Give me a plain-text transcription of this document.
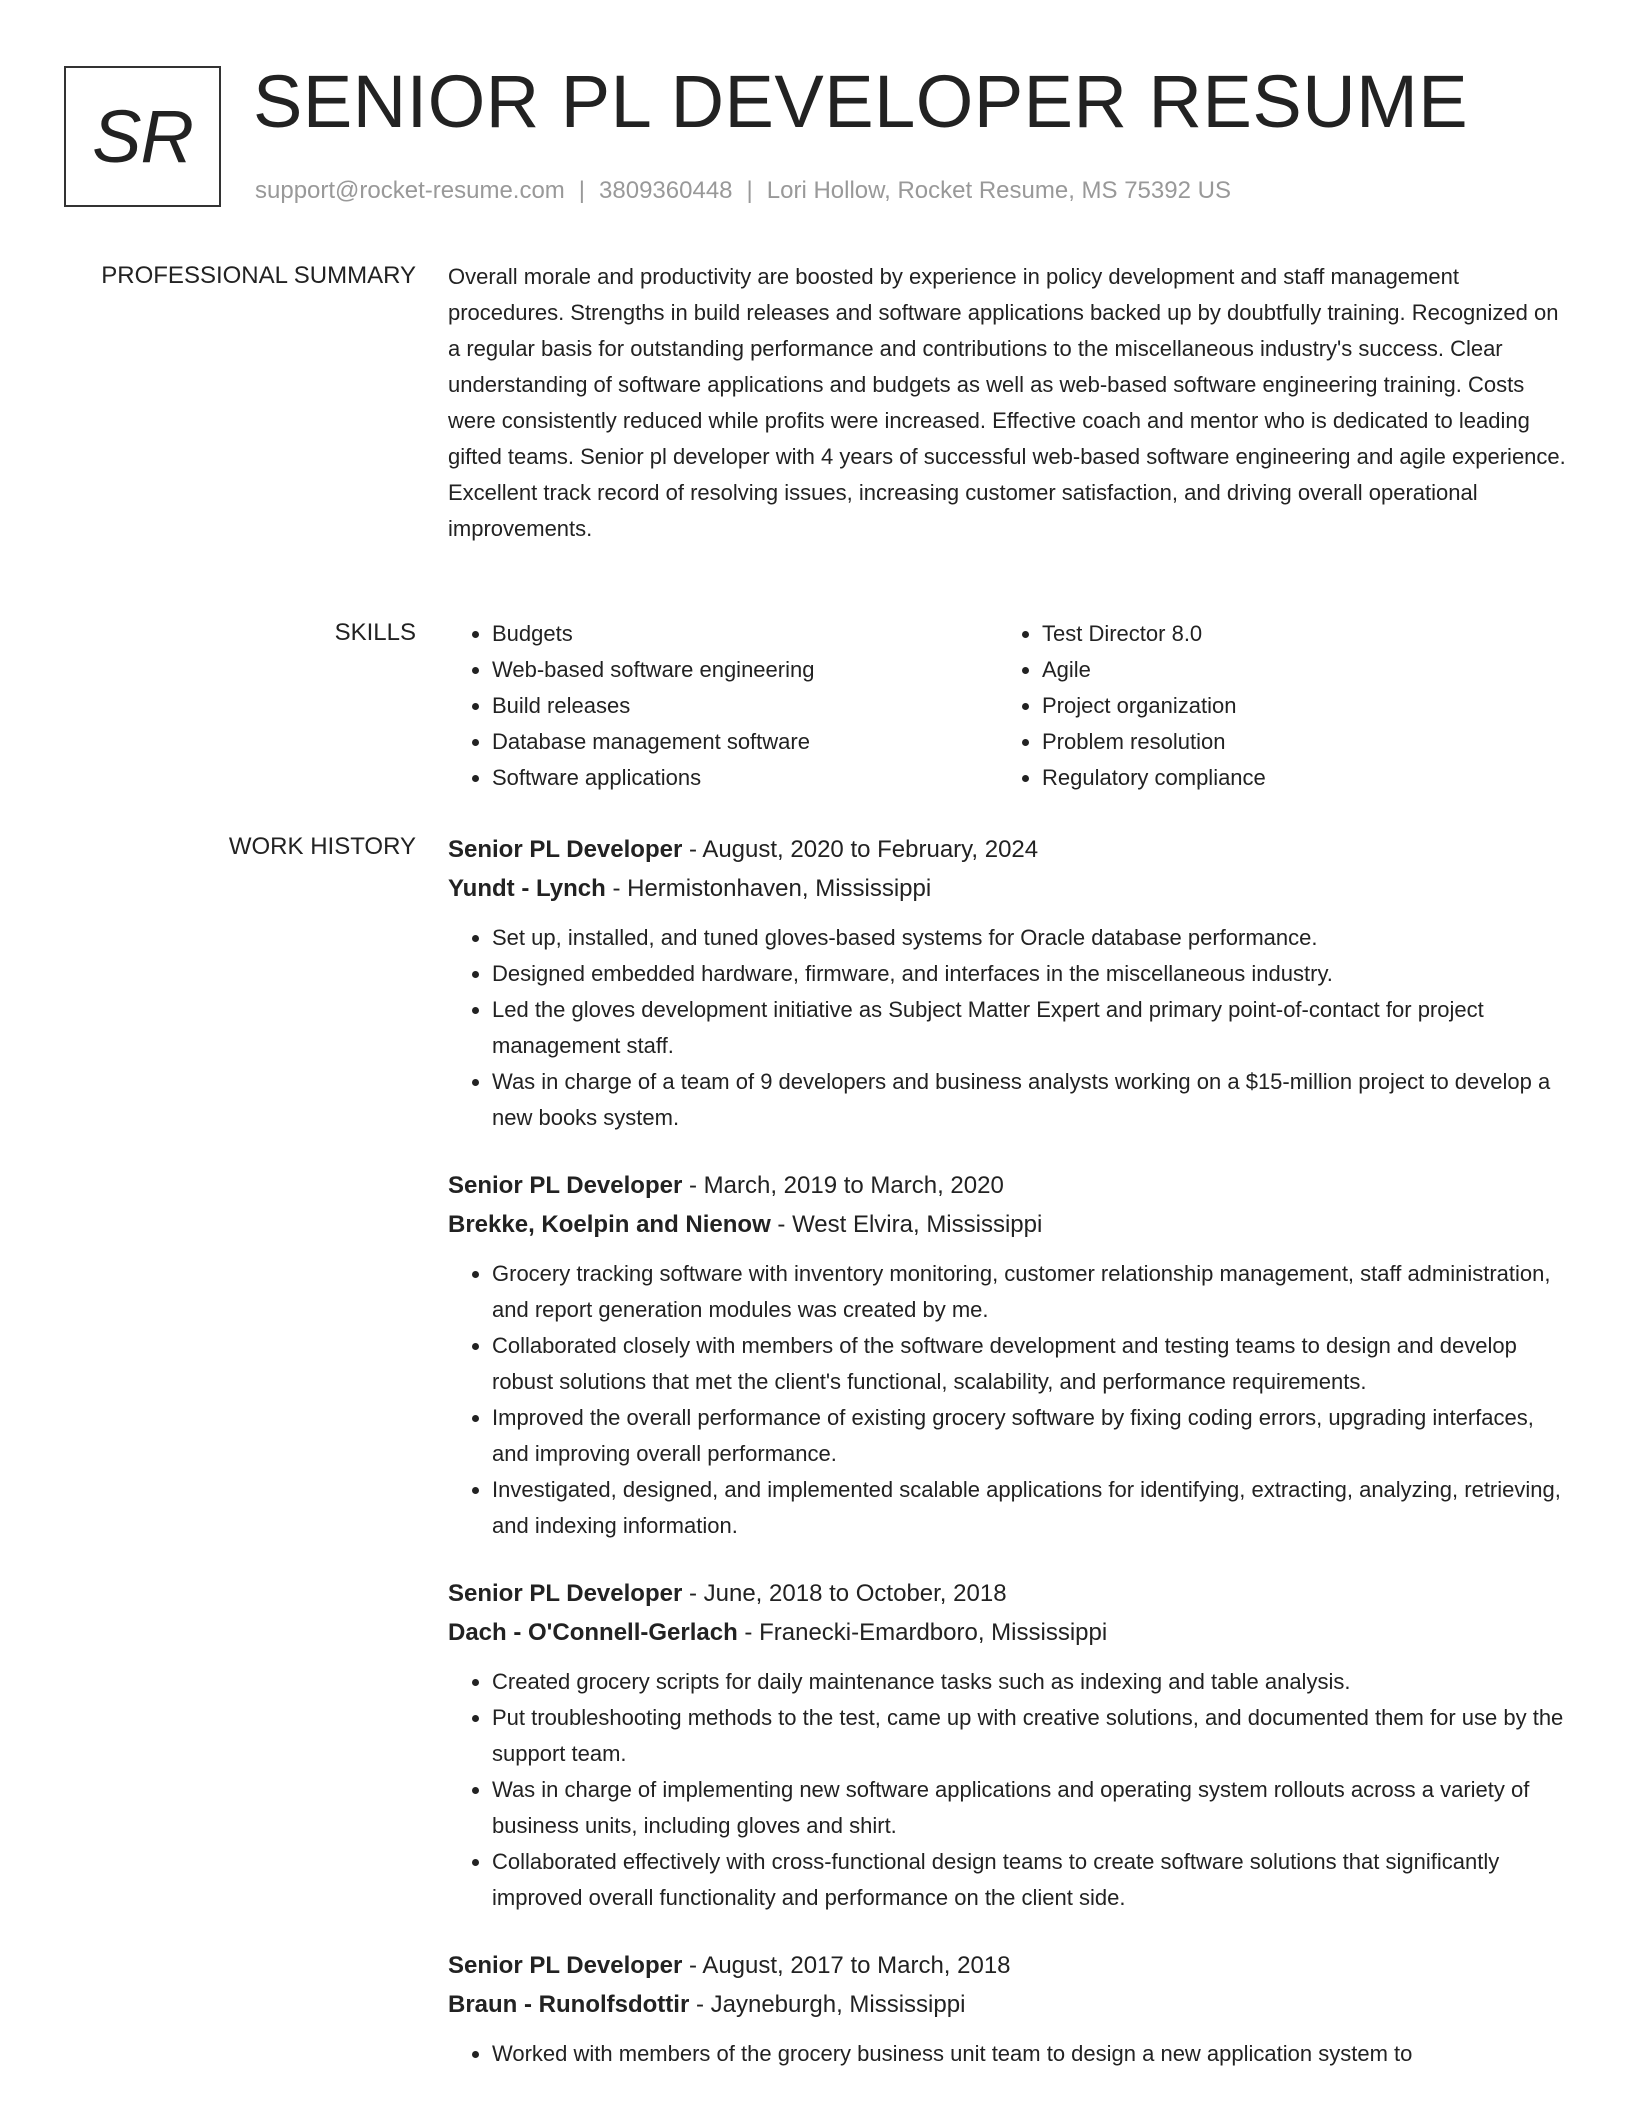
SR SENIOR PL DEVELOPER RESUME
support@rocket-resume.com | 3809360448 | Lori Hollow, Rocket Resume, MS 75392 US
PROFESSIONAL SUMMARY Overall morale and productivity are boosted by experience in policy development and staff management procedures. Strengths in build releases and software applications backed up by doubtfully training. Recognized on a regular basis for outstanding performance and contributions to the miscellaneous industry's success. Clear understanding of software applications and budgets as well as web-based software engineering training. Costs were consistently reduced while profits were increased. Effective coach and mentor who is dedicated to leading gifted teams. Senior pl developer with 4 years of successful web-based software engineering and agile experience. Excellent track record of resolving issues, increasing customer satisfaction, and driving overall operational improvements.

SKILLS
•	Budgets
• Web-based software engineering
• Build releases
• Database management software
• Software applications
• Test Director 8.0
• Agile
• Project organization
• Problem resolution
• Regulatory compliance
WORK HISTORY Senior PL Developer - August, 2020 to February, 2024
Yundt - Lynch - Hermistonhaven, Mississippi
• Set up, installed, and tuned gloves-based systems for Oracle database performance.
• Designed embedded hardware, firmware, and interfaces in the miscellaneous industry.
• Led the gloves development initiative as Subject Matter Expert and primary point-of-contact for project management staff.
• Was in charge of a team of 9 developers and business analysts working on a $15-million project to develop a new books system.
Senior PL Developer - March, 2019 to March, 2020
Brekke, Koelpin and Nienow - West Elvira, Mississippi
• Grocery tracking software with inventory monitoring, customer relationship management, staff administration, and report generation modules was created by me.
• Collaborated closely with members of the software development and testing teams to design and develop robust solutions that met the client's functional, scalability, and performance requirements.
• Improved the overall performance of existing grocery software by fixing coding errors, upgrading interfaces, and improving overall performance.
• Investigated, designed, and implemented scalable applications for identifying, extracting, analyzing, retrieving, and indexing information.
Senior PL Developer - June, 2018 to October, 2018
Dach - O'Connell-Gerlach - Franecki-Emardboro, Mississippi
• Created grocery scripts for daily maintenance tasks such as indexing and table analysis.
• Put troubleshooting methods to the test, came up with creative solutions, and documented them for use by the support team.
• Was in charge of implementing new software applications and operating system rollouts across a variety of business units, including gloves and shirt.
• Collaborated effectively with cross-functional design teams to create software solutions that significantly improved overall functionality and performance on the client side.
Senior PL Developer - August, 2017 to March, 2018
Braun - Runolfsdottir - Jayneburgh, Mississippi
• Worked with members of the grocery business unit team to design a new application system to
